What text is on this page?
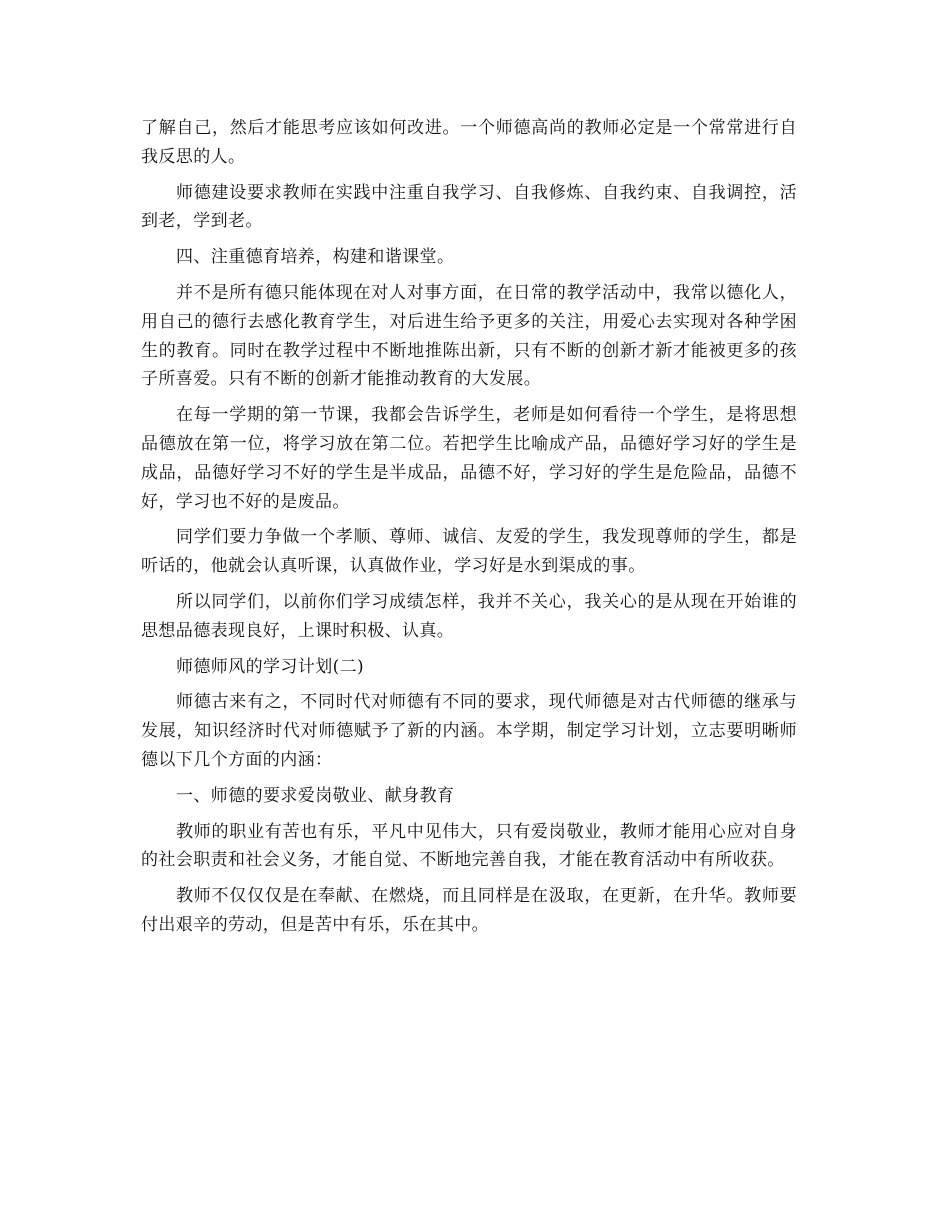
了解自己，然后才能思考应该如何改进。一个师德高尚的教师必定是一个常常进行自我反思的人。

师德建设要求教师在实践中注重自我学习、自我修炼、自我约束、自我调控，活到老，学到老。

四、注重德育培养，构建和谐课堂。

并不是所有德只能体现在对人对事方面，在日常的教学活动中，我常以德化人，用自己的德行去感化教育学生，对后进生给予更多的关注，用爱心去实现对各种学困生的教育。同时在教学过程中不断地推陈出新，只有不断的创新才新才能被更多的孩子所喜爱。只有不断的创新才能推动教育的大发展。

在每一学期的第一节课，我都会告诉学生，老师是如何看待一个学生，是将思想品德放在第一位，将学习放在第二位。若把学生比喻成产品，品德好学习好的学生是成品，品德好学习不好的学生是半成品，品德不好，学习好的学生是危险品，品德不好，学习也不好的是废品。

同学们要力争做一个孝顺、尊师、诚信、友爱的学生，我发现尊师的学生，都是听话的，他就会认真听课，认真做作业，学习好是水到渠成的事。

所以同学们，以前你们学习成绩怎样，我并不关心，我关心的是从现在开始谁的思想品德表现良好，上课时积极、认真。

师德师风的学习计划(二)

师德古来有之，不同时代对师德有不同的要求，现代师德是对古代师德的继承与发展，知识经济时代对师德赋予了新的内涵。本学期，制定学习计划，立志要明晰师德以下几个方面的内涵：

一、师德的要求爱岗敬业、献身教育

教师的职业有苦也有乐，平凡中见伟大，只有爱岗敬业，教师才能用心应对自身的社会职责和社会义务，才能自觉、不断地完善自我，才能在教育活动中有所收获。

教师不仅仅仅是在奉献、在燃烧，而且同样是在汲取，在更新，在升华。教师要付出艰辛的劳动，但是苦中有乐，乐在其中。
